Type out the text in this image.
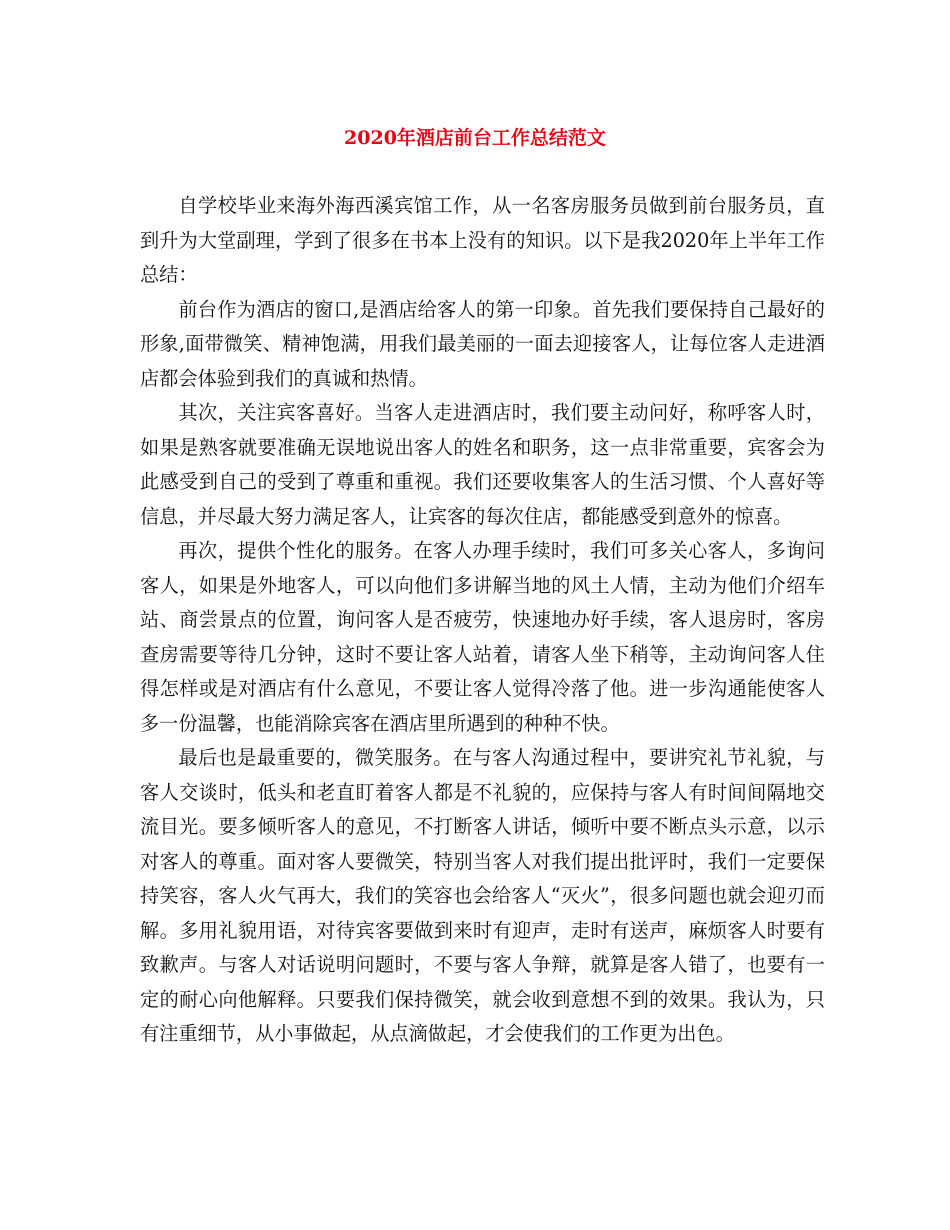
2020年酒店前台工作总结范文

自学校毕业来海外海西溪宾馆工作，从一名客房服务员做到前台服务员，直到升为大堂副理，学到了很多在书本上没有的知识。以下是我2020年上半年工作总结：

前台作为酒店的窗口,是酒店给客人的第一印象。首先我们要保持自己最好的形象,面带微笑、精神饱满，用我们最美丽的一面去迎接客人，让每位客人走进酒店都会体验到我们的真诚和热情。

其次，关注宾客喜好。当客人走进酒店时，我们要主动问好，称呼客人时，如果是熟客就要准确无误地说出客人的姓名和职务，这一点非常重要，宾客会为此感受到自己的受到了尊重和重视。我们还要收集客人的生活习惯、个人喜好等信息，并尽最大努力满足客人，让宾客的每次住店，都能感受到意外的惊喜。

再次，提供个性化的服务。在客人办理手续时，我们可多关心客人，多询问客人，如果是外地客人，可以向他们多讲解当地的风土人情，主动为他们介绍车站、商尝景点的位置，询问客人是否疲劳，快速地办好手续，客人退房时，客房查房需要等待几分钟，这时不要让客人站着，请客人坐下稍等，主动询问客人住得怎样或是对酒店有什么意见，不要让客人觉得冷落了他。进一步沟通能使客人多一份温馨，也能消除宾客在酒店里所遇到的种种不快。

最后也是最重要的，微笑服务。在与客人沟通过程中，要讲究礼节礼貌，与客人交谈时，低头和老直盯着客人都是不礼貌的，应保持与客人有时间间隔地交流目光。要多倾听客人的意见，不打断客人讲话，倾听中要不断点头示意，以示对客人的尊重。面对客人要微笑，特别当客人对我们提出批评时，我们一定要保持笑容，客人火气再大，我们的笑容也会给客人“灭火”，很多问题也就会迎刃而解。多用礼貌用语，对待宾客要做到来时有迎声，走时有送声，麻烦客人时要有致歉声。与客人对话说明问题时，不要与客人争辩，就算是客人错了，也要有一定的耐心向他解释。只要我们保持微笑，就会收到意想不到的效果。我认为，只有注重细节，从小事做起，从点滴做起，才会使我们的工作更为出色。
